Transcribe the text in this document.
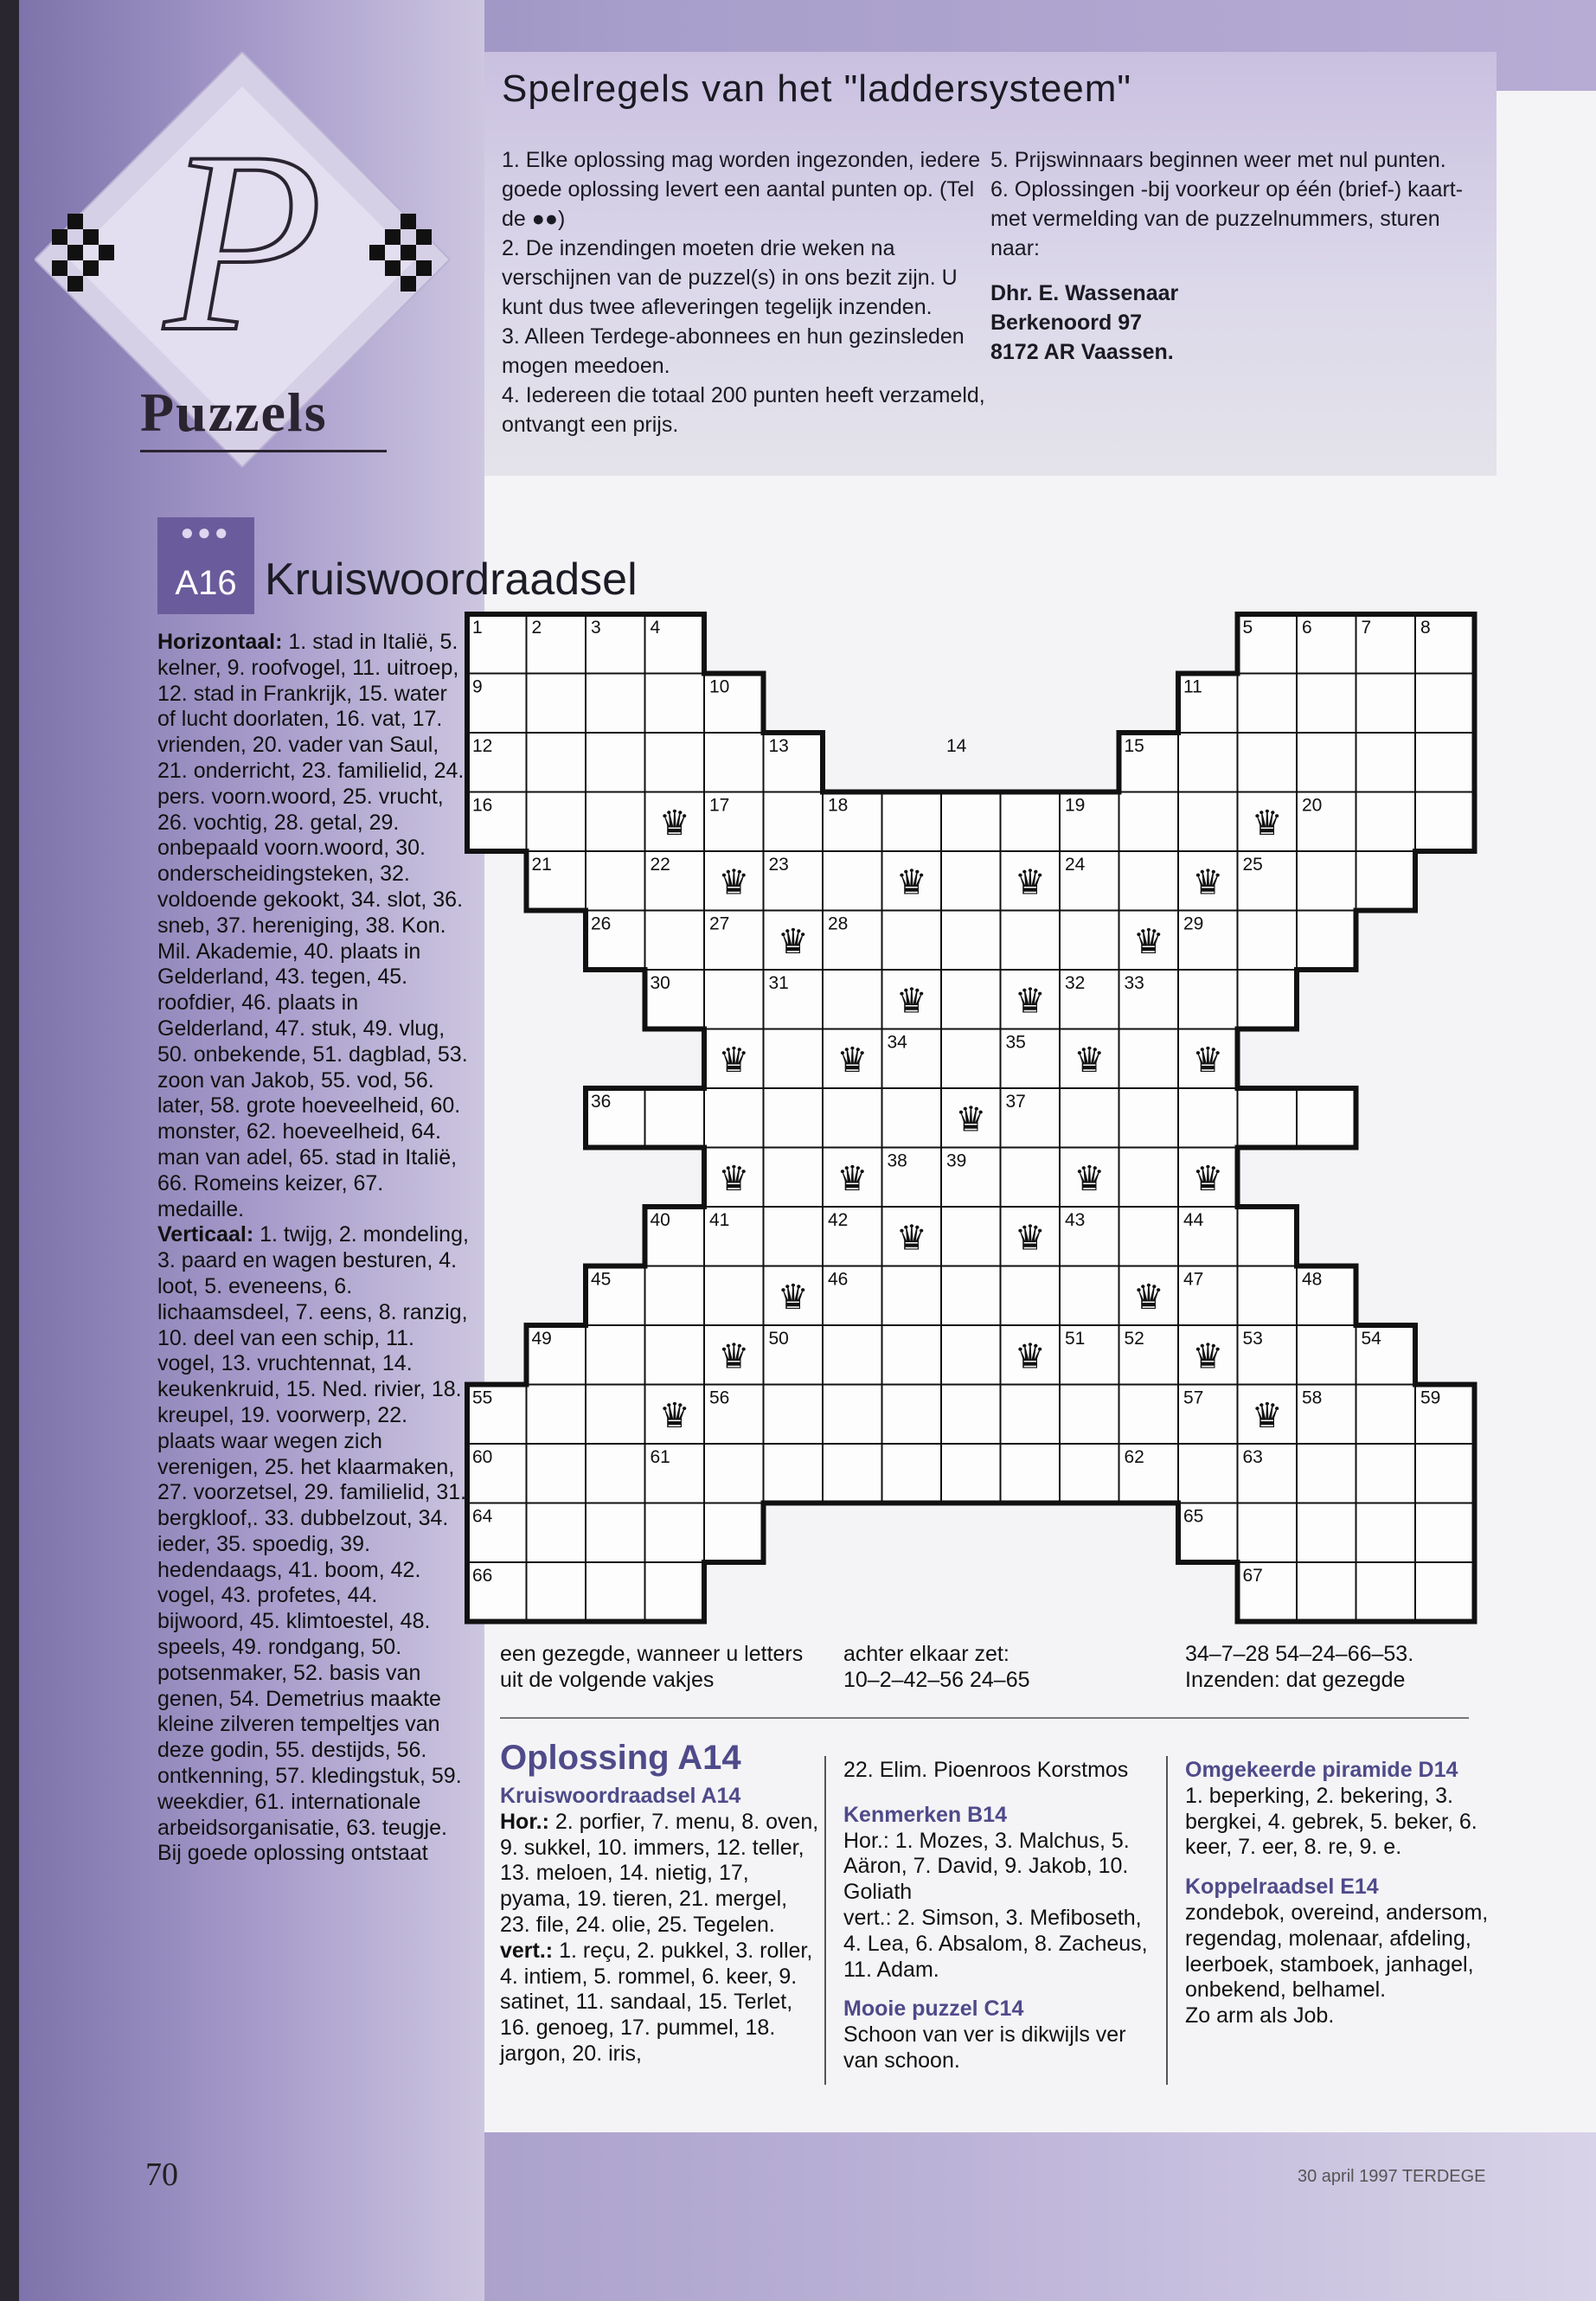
P
Puzzels
Spelregels van het "laddersysteem"
1. Elke oplossing mag worden ingezonden, iedere goede oplossing levert een aantal punten op. (Tel de ●●)
2. De inzendingen moeten drie weken na verschijnen van de puzzel(s) in ons bezit zijn. U kunt dus twee afleveringen tegelijk inzenden.
3. Alleen Terdege-abonnees en hun gezinsleden mogen meedoen.
4. Iedereen die totaal 200 punten heeft verzameld, ontvangt een prijs.
5. Prijswinnaars beginnen weer met nul punten.
6. Oplossingen -bij voorkeur op één (brief-) kaart- met vermelding van de puzzelnummers, sturen naar:
Dhr. E. Wassenaar
Berkenoord 97
8172 AR Vaassen.
●●●
A16 Kruiswoordraadsel
Horizontaal: 1. stad in Italië, 5. kelner, 9. roofvogel, 11. uitroep, 12. stad in Frankrijk, 15. water of lucht doorlaten, 16. vat, 17. vrienden, 20. vader van Saul, 21. onderricht, 23. familielid, 24. pers. voorn.woord, 25. vrucht, 26. vochtig, 28. getal, 29. onbepaald voorn.woord, 30. onderscheidingsteken, 32. voldoende gekookt, 34. slot, 36. sneb, 37. hereniging, 38. Kon. Mil. Akademie, 40. plaats in Gelderland, 43. tegen, 45. roofdier, 46. plaats in Gelderland, 47. stuk, 49. vlug, 50. onbekende, 51. dagblad, 53. zoon van Jakob, 55. vod, 56. later, 58. grote hoeveelheid, 60. monster, 62. hoeveelheid, 64. man van adel, 65. stad in Italië, 66. Romeins keizer, 67. medaille.
Verticaal: 1. twijg, 2. mondeling, 3. paard en wagen besturen, 4. loot, 5. eveneens, 6. lichaamsdeel, 7. eens, 8. ranzig, 10. deel van een schip, 11. vogel, 13. vruchtennat, 14. keukenkruid, 15. Ned. rivier, 18. kreupel, 19. voorwerp, 22. plaats waar wegen zich verenigen, 25. het klaarmaken, 27. voorzetsel, 29. familielid, 31. bergkloof,. 33. dubbelzout, 34. ieder, 35. spoedig, 39. hedendaags, 41. boom, 42. vogel, 43. profetes, 44. bijwoord, 45. klimtoestel, 48. speels, 49. rondgang, 50. potsenmaker, 52. basis van genen, 54. Demetrius maakte kleine zilveren tempeltjes van deze godin, 55. destijds, 56. ontkenning, 57. kledingstuk, 59. weekdier, 61. internationale arbeidsorganisatie, 63. teugje.
Bij goede oplossing ontstaat
♛	♛
♛	♛	♛	♛
♛	♛
♛	♛
♛	♛	♛	♛
♛
♛	♛	♛	♛
♛	♛
♛	♛
♛	♛	♛
♛	♛
1	2	3	4	5	6	7	8
9	10	11
12	13	14	15
16	17	18	19	20
21	22	23	24	25
26	27	28	29
30	31	32 33
34	35
36	37
38 39
40 41	42	43	44
45	46	47	48
49	50	51 52	53	54
55	56	57	58	59
60	61	62	63
64	65
66	67
een gezegde, wanneer u letters uit de volgende vakjes
achter elkaar zet:
10–2–42–56 24–65
34–7–28 54–24–66–53.
Inzenden: dat gezegde
Oplossing A14
Kruiswoordraadsel A14
Hor.: 2. porfier, 7. menu, 8. oven, 9. sukkel, 10. immers, 12. teller, 13. meloen, 14. nietig, 17, pyama, 19. tieren, 21. mergel, 23. file, 24. olie, 25. Tegelen.
vert.: 1. reçu, 2. pukkel, 3. roller, 4. intiem, 5. rommel, 6. keer, 9. satinet, 11. sandaal, 15. Terlet, 16. genoeg, 17. pummel, 18. jargon, 20. iris,
22. Elim. Pioenroos Korstmos
Kenmerken B14
Hor.: 1. Mozes, 3. Malchus, 5. Aäron, 7. David, 9. Jakob, 10. Goliath
vert.: 2. Simson, 3. Mefiboseth, 4. Lea, 6. Absalom, 8. Zacheus, 11. Adam.
Mooie puzzel C14
Schoon van ver is dikwijls ver van schoon.
Omgekeerde piramide D14
1. beperking, 2. bekering, 3. bergkei, 4. gebrek, 5. beker, 6. keer, 7. eer, 8. re, 9. e.
Koppelraadsel E14
zondebok, overeind, andersom, regendag, molenaar, afdeling, leerboek, stamboek, janhagel, onbekend, belhamel.
Zo arm als Job.
70	30 april 1997 TERDEGE
